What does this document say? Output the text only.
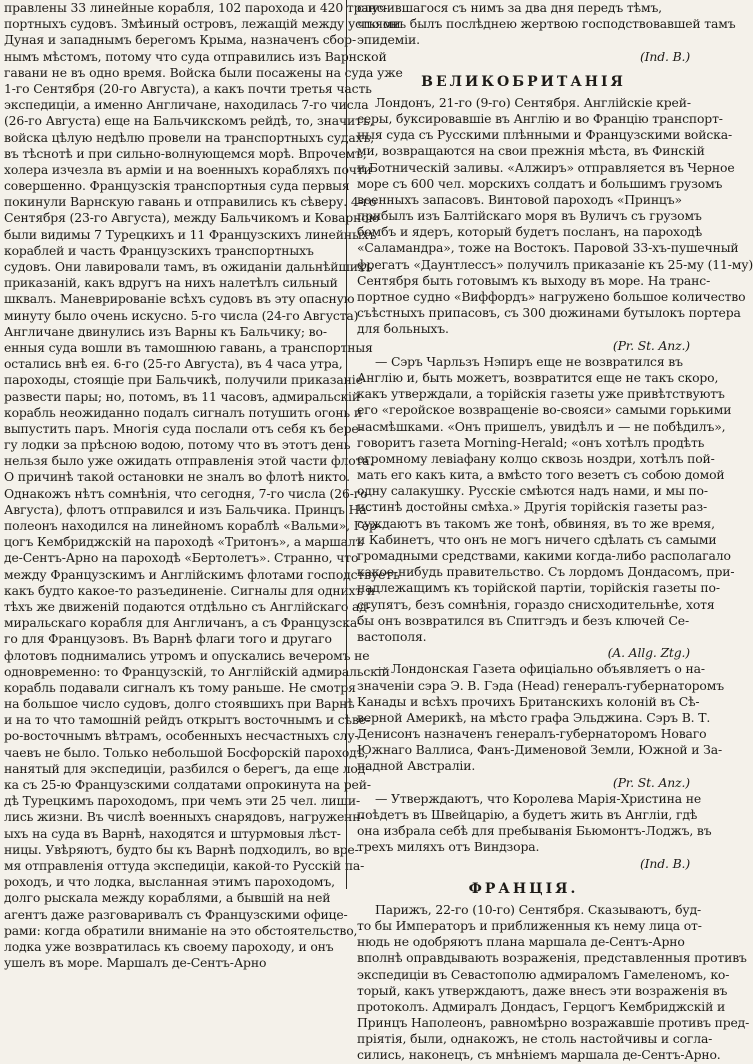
правлены 33 линейные корабля, 102 парохода и 420 транс-
портныхъ судовъ. Змѣиный островъ, лежащій между устьями
Дуная и западнымъ берегомъ Крыма, назначенъ сбор-
нымъ мѣстомъ, потому что суда отправились изъ Варнской
гавани не въ одно время. Войска были посажены на суда уже
1-го Сентября (20-го Августа), а какъ почти третья часть
экспедиціи, а именно Англичане, находилась 7-го числа
(26-го Августа) еще на Бальчикскомъ рейдѣ, то, значитъ,
войска цѣлую недѣлю провели на транспортныхъ судахъ,
въ тѣснотѣ и при сильно-волнующемся морѣ. Впрочемъ,
холера изчезла въ арміи и на военныхъ корабляхъ почти
совершенно. Французскія транспортныя суда первыя
покинули Варнскую гавань и отправились къ сѣверу. 4-го
Сентября (23-го Августа), между Бальчикомъ и Коварною
были видимы 7 Турецкихъ и 11 Французскихъ линейныхъ
кораблей и часть Французскихъ транспортныхъ
судовъ. Они лавировали тамъ, въ ожиданіи дальнѣйшихъ
приказаній, какъ вдругъ на нихъ налетѣлъ сильный
шквалъ. Маневрированіе всѣхъ судовъ въ эту опасную
минуту было очень искусно. 5-го числа (24-го Августа)
Англичане двинулись изъ Варны къ Бальчику; во-
енныя суда вошли въ тамошнюю гавань, а транспортныя
остались внѣ ея. 6-го (25-го Августа), въ 4 часа утра,
пароходы, стоящіе при Бальчикѣ, получили приказаніе
развести пары; но, потомъ, въ 11 часовъ, адмиральскій
корабль неожиданно подалъ сигналъ потушить огонь и
выпустить паръ. Многія суда послали отъ себя къ бере-
гу лодки за прѣсною водою, потому что въ этотъ день
нельзя было уже ожидать отправленія этой части флота.
О причинѣ такой остановки не зналъ во флотѣ никто.
Однакожъ нѣтъ сомнѣнія, что сегодня, 7-го числа (26-го
Августа), флотъ отправился и изъ Бальчика. Принцъ На-
полеонъ находился на линейномъ кораблѣ «Вальми», Гер-
цогъ Кембриджскій на пароходѣ «Тритонъ», а маршалъ
де-Сентъ-Арно на пароходѣ «Бертолетъ». Странно, что
между Французскимъ и Англійскимъ флотами господствуетъ
какъ будто какое-то разъединеніе. Сигналы для однихъ и
тѣхъ же движеній подаются отдѣльно съ Англійскаго ад-
миральскаго корабля для Англичанъ, а съ Французска-
го для Французовъ. Въ Варнѣ флаги того и другаго
флотовъ поднимались утромъ и опускались вечеромъ не
одновременно: то Французскій, то Англійскій адмиральскій
корабль подавали сигналъ къ тому раньше. Не смотря
на большое число судовъ, долго стоявшихъ при Варнѣ
и на то что тамошній рейдъ открытъ восточнымъ и сѣве-
ро-восточнымъ вѣтрамъ, особенныхъ несчастныхъ слу-
чаевъ не было. Только небольшой Босфорскій пароходъ,
нанятый для экспедиціи, разбился о берегъ, да еще лод-
ка съ 25-ю Французскими солдатами опрокинута на рей-
дѣ Турецкимъ пароходомъ, при чемъ эти 25 чел. лиши-
лись жизни. Въ числѣ военныхъ снарядовъ, нагруженн-
ыхъ на суда въ Варнѣ, находятся и штурмовыя лѣст-
ницы. Увѣряютъ, будто бы къ Варнѣ подходилъ, во вре-
мя отправленія оттуда экспедиціи, какой-то Русскій па-
роходъ, и что лодка, высланная этимъ пароходомъ,
долго рыскала между кораблями, а бывшій на ней
агентъ даже разговаривалъ съ Французскими офице-
рами: когда обратили вниманіе на это обстоятельство,
лодка уже возвратилась къ своему пароходу, и онъ
ушелъ въ море. Маршалъ де-Сентъ-Арно
случившагося съ нимъ за два дня передъ тѣмъ,
что онъ былъ послѣднею жертвою господствовавшей тамъ
эпидеміи.
(Ind. B.)
ВЕЛИКОБРИТАНІЯ
Лондонъ, 21-го (9-го) Сентября. Англійскіе крей-
серы, буксировавшіе въ Англію и во Францію транспорт-
ныя суда съ Русскими плѣнными и Французскими войска-
ми, возвращаются на свои прежнія мѣста, въ Финскій
и Ботническій заливы. «Алжиръ» отправляется въ Черное
море съ 600 чел. морскихъ солдатъ и большимъ грузомъ
военныхъ запасовъ. Винтовой пароходъ «Принцъ»
прибылъ изъ Балтійскаго моря въ Вуличъ съ грузомъ
бомбъ и ядеръ, который будетъ посланъ, на пароходѣ
«Саламандра», тоже на Востокъ. Паровой 33-хъ-пушечный
фрегатъ «Даунтлессъ» получилъ приказаніе къ 25-му (11-му)
Сентября быть готовымъ къ выходу въ море. На транс-
портное судно «Виффордъ» нагружено большое количество
съѣстныхъ припасовъ, съ 300 дюжинами бутылокъ портера
для больныхъ.
(Pr. St. Anz.)
— Сэръ Чарльзъ Нэпиръ еще не возвратился въ
Англію и, быть можетъ, возвратится еще не такъ скоро,
какъ утверждали, а торійскія газеты уже привѣтствуютъ
его «геройское возвращеніе во-свояси» самыми горькими
насмѣшками. «Онъ пришелъ, увидѣлъ и — не побѣдилъ»,
говоритъ газета Morning-Herald; «онъ хотѣлъ продѣть
огромному левіафану колцо сквозь ноздри, хотѣлъ пой-
мать его какъ кита, а вмѣсто того везетъ съ собою домой
одну салакушку. Русскіе смѣются надъ нами, и мы по-
истинѣ достойны смѣха.» Другія торійскія газеты раз-
суждаютъ въ такомъ же тонѣ, обвиняя, въ то же время,
и Кабинетъ, что онъ не могъ ничего сдѣлать съ самыми
громадными средствами, какими когда-либо располагало
какое-нибудь правительство. Съ лордомъ Дондасомъ, при-
надлежащимъ къ торійской партіи, торійскія газеты по-
ступятъ, безъ сомнѣнія, гораздо снисходительнѣе, хотя
бы онъ возвратился въ Спитгэдъ и безъ ключей Се-
вастополя.
(A. Allg. Ztg.)
— Лондонская Газета офиціально объявляетъ о на-
значеніи сэра Э. В. Гэда (Head) генералъ-губернаторомъ
Канады и всѣхъ прочихъ Британскихъ колоній въ Сѣ-
верной Америкѣ, на мѣсто графа Эльджина. Сэръ В. Т.
Денисонъ назначенъ генералъ-губернаторомъ Новаго
Южнаго Валлиса, Фанъ-Дименовой Земли, Южной и За-
падной Австраліи.
(Pr. St. Anz.)
— Утверждаютъ, что Королева Марія-Христина не
поѣдетъ въ Швейцарію, а будетъ жить въ Англіи, гдѣ
она избрала себѣ для пребыванія Бьюмонтъ-Лоджъ, въ
трехъ миляхъ отъ Виндзора.
(Ind. B.)
ФРАНЦІЯ.
Парижъ, 22-го (10-го) Сентября. Сказываютъ, буд-
то бы Императоръ и приближенныя къ нему лица от-
нюдь не одобряютъ плана маршала де-Сентъ-Арно
вполнѣ оправдывають возраженія, представленныя противъ
экспедиціи въ Севастополю адмираломъ Гамеленомъ, ко-
торый, какъ утверждаютъ, даже внесъ эти возраженія въ
протоколъ. Адмиралъ Дондасъ, Герцогъ Кембриджскій и
Принцъ Наполеонъ, равномѣрно возражавшіе противъ пред-
пріятія, были, однакожъ, не столь настойчивы и согла-
сились, наконецъ, съ мнѣніемъ маршала де-Сентъ-Арно.
